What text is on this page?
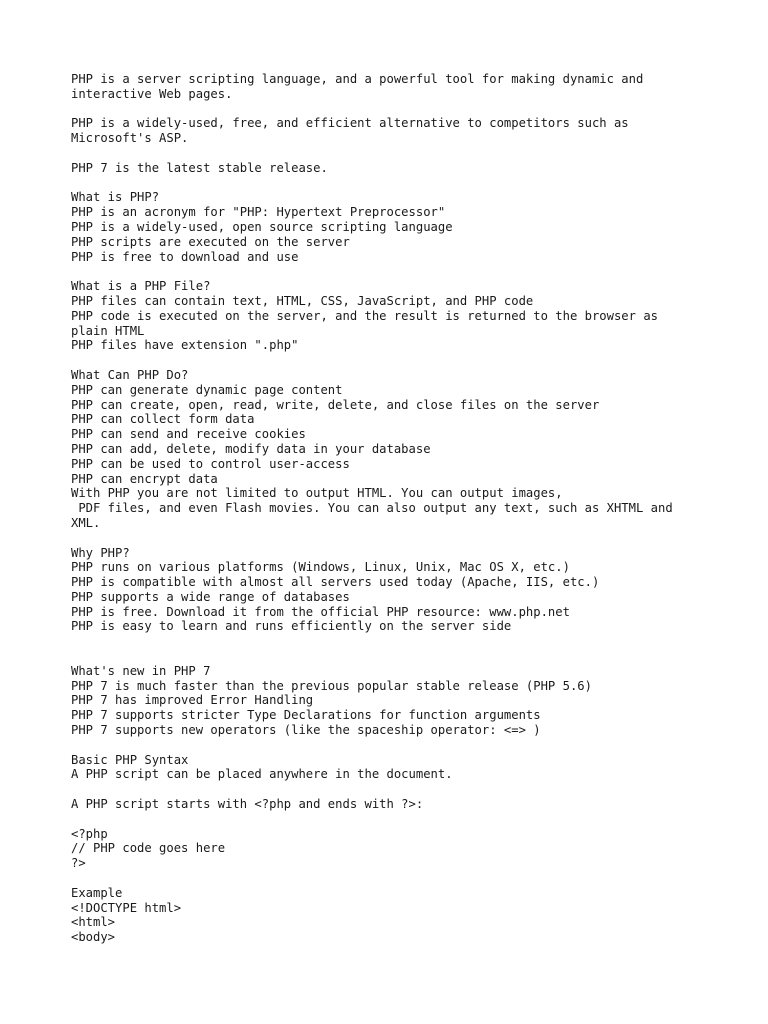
PHP is a server scripting language, and a powerful tool for making dynamic and
interactive Web pages.
PHP is a widely-used, free, and efficient alternative to competitors such as
Microsoft's ASP.
PHP 7 is the latest stable release.
What is PHP?
PHP is an acronym for "PHP: Hypertext Preprocessor"
PHP is a widely-used, open source scripting language
PHP scripts are executed on the server
PHP is free to download and use
What is a PHP File?
PHP files can contain text, HTML, CSS, JavaScript, and PHP code
PHP code is executed on the server, and the result is returned to the browser as
plain HTML
PHP files have extension ".php"
What Can PHP Do?
PHP can generate dynamic page content
PHP can create, open, read, write, delete, and close files on the server
PHP can collect form data
PHP can send and receive cookies
PHP can add, delete, modify data in your database
PHP can be used to control user-access
PHP can encrypt data
With PHP you are not limited to output HTML. You can output images,
PDF files, and even Flash movies. You can also output any text, such as XHTML and
XML.
Why PHP?
PHP runs on various platforms (Windows, Linux, Unix, Mac OS X, etc.)
PHP is compatible with almost all servers used today (Apache, IIS, etc.)
PHP supports a wide range of databases
PHP is free. Download it from the official PHP resource: www.php.net
PHP is easy to learn and runs efficiently on the server side
What's new in PHP 7
PHP 7 is much faster than the previous popular stable release (PHP 5.6)
PHP 7 has improved Error Handling
PHP 7 supports stricter Type Declarations for function arguments
PHP 7 supports new operators (like the spaceship operator: <=> )
Basic PHP Syntax
A PHP script can be placed anywhere in the document.
A PHP script starts with <?php and ends with ?>:
<?php
// PHP code goes here
?>
Example
<!DOCTYPE html>
<html>
<body>
